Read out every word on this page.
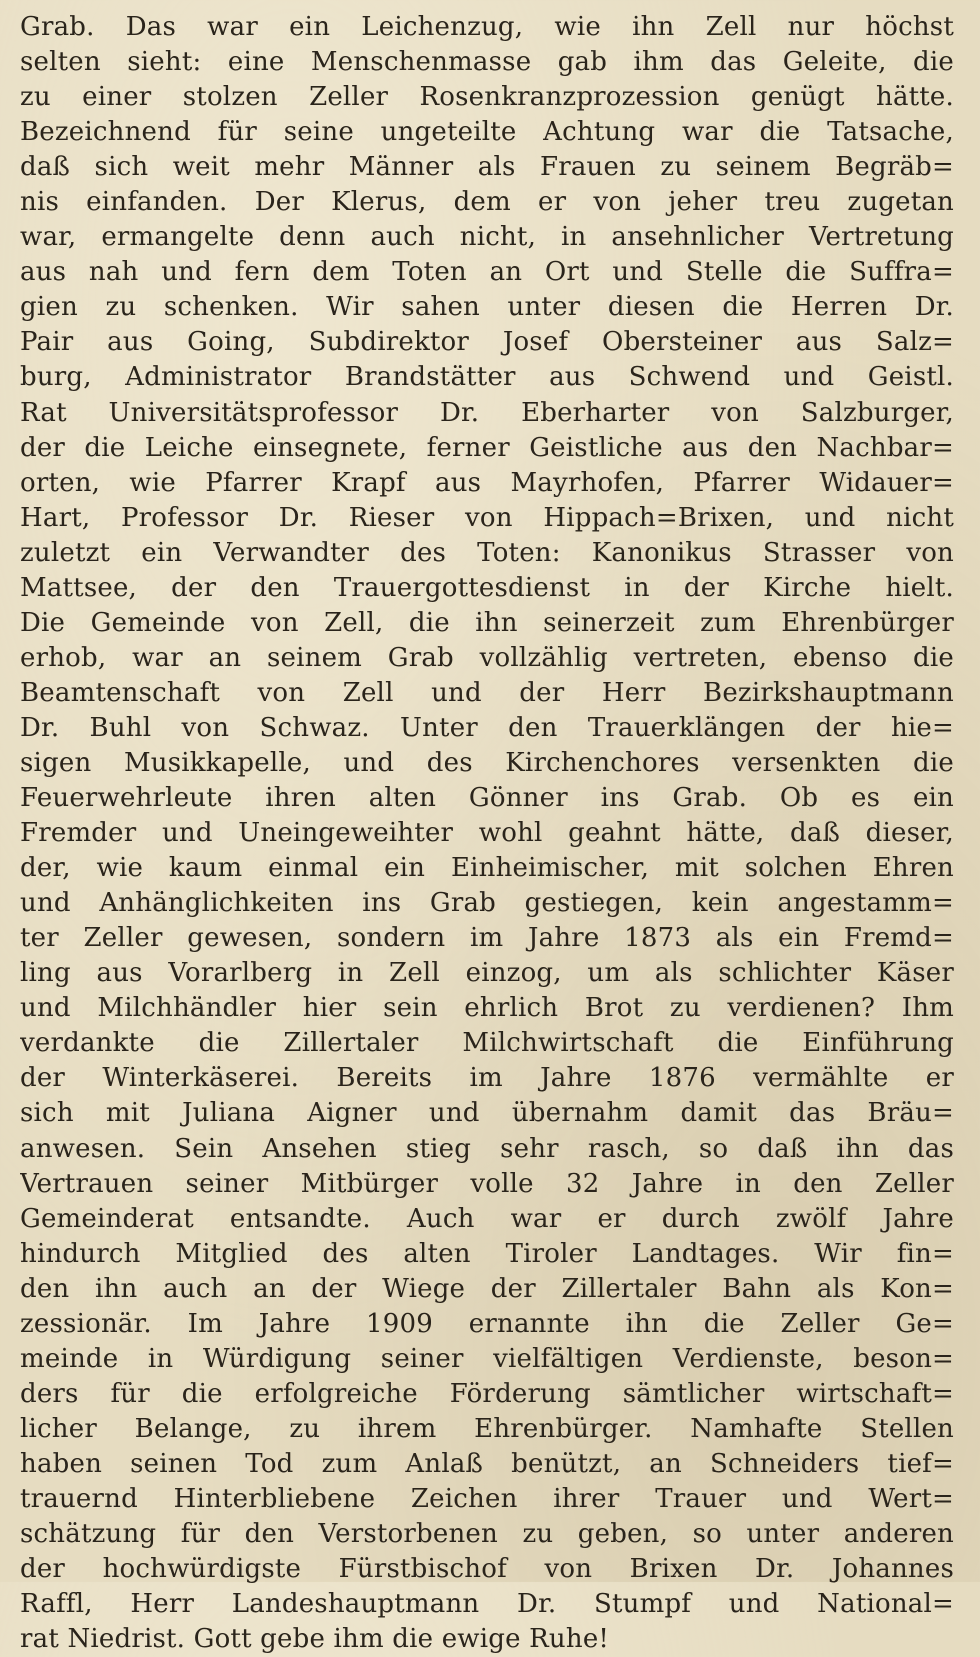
Grab. Das war ein Leichenzug, wie ihn Zell nur höchst
selten sieht: eine Menschenmasse gab ihm das Geleite, die
zu einer stolzen Zeller Rosenkranzprozession genügt hätte.
Bezeichnend für seine ungeteilte Achtung war die Tatsache,
daß sich weit mehr Männer als Frauen zu seinem Begräb=
nis einfanden. Der Klerus, dem er von jeher treu zugetan
war, ermangelte denn auch nicht, in ansehnlicher Vertretung
aus nah und fern dem Toten an Ort und Stelle die Suffra=
gien zu schenken. Wir sahen unter diesen die Herren Dr.
Pair aus Going, Subdirektor Josef Obersteiner aus Salz=
burg, Administrator Brandstätter aus Schwend und Geistl.
Rat Universitätsprofessor Dr. Eberharter von Salzburger,
der die Leiche einsegnete, ferner Geistliche aus den Nachbar=
orten, wie Pfarrer Krapf aus Mayrhofen, Pfarrer Widauer=
Hart, Professor Dr. Rieser von Hippach=Brixen, und nicht
zuletzt ein Verwandter des Toten: Kanonikus Strasser von
Mattsee, der den Trauergottesdienst in der Kirche hielt.
Die Gemeinde von Zell, die ihn seinerzeit zum Ehrenbürger
erhob, war an seinem Grab vollzählig vertreten, ebenso die
Beamtenschaft von Zell und der Herr Bezirkshauptmann
Dr. Buhl von Schwaz. Unter den Trauerklängen der hie=
sigen Musikkapelle, und des Kirchenchores versenkten die
Feuerwehrleute ihren alten Gönner ins Grab. Ob es ein
Fremder und Uneingeweihter wohl geahnt hätte, daß dieser,
der, wie kaum einmal ein Einheimischer, mit solchen Ehren
und Anhänglichkeiten ins Grab gestiegen, kein angestamm=
ter Zeller gewesen, sondern im Jahre 1873 als ein Fremd=
ling aus Vorarlberg in Zell einzog, um als schlichter Käser
und Milchhändler hier sein ehrlich Brot zu verdienen? Ihm
verdankte die Zillertaler Milchwirtschaft die Einführung
der Winterkäserei. Bereits im Jahre 1876 vermählte er
sich mit Juliana Aigner und übernahm damit das Bräu=
anwesen. Sein Ansehen stieg sehr rasch, so daß ihn das
Vertrauen seiner Mitbürger volle 32 Jahre in den Zeller
Gemeinderat entsandte. Auch war er durch zwölf Jahre
hindurch Mitglied des alten Tiroler Landtages. Wir fin=
den ihn auch an der Wiege der Zillertaler Bahn als Kon=
zessionär. Im Jahre 1909 ernannte ihn die Zeller Ge=
meinde in Würdigung seiner vielfältigen Verdienste, beson=
ders für die erfolgreiche Förderung sämtlicher wirtschaft=
licher Belange, zu ihrem Ehrenbürger. Namhafte Stellen
haben seinen Tod zum Anlaß benützt, an Schneiders tief=
trauernd Hinterbliebene Zeichen ihrer Trauer und Wert=
schätzung für den Verstorbenen zu geben, so unter anderen
der hochwürdigste Fürstbischof von Brixen Dr. Johannes
Raffl, Herr Landeshauptmann Dr. Stumpf und National=
rat Niedrist. Gott gebe ihm die ewige Ruhe!
